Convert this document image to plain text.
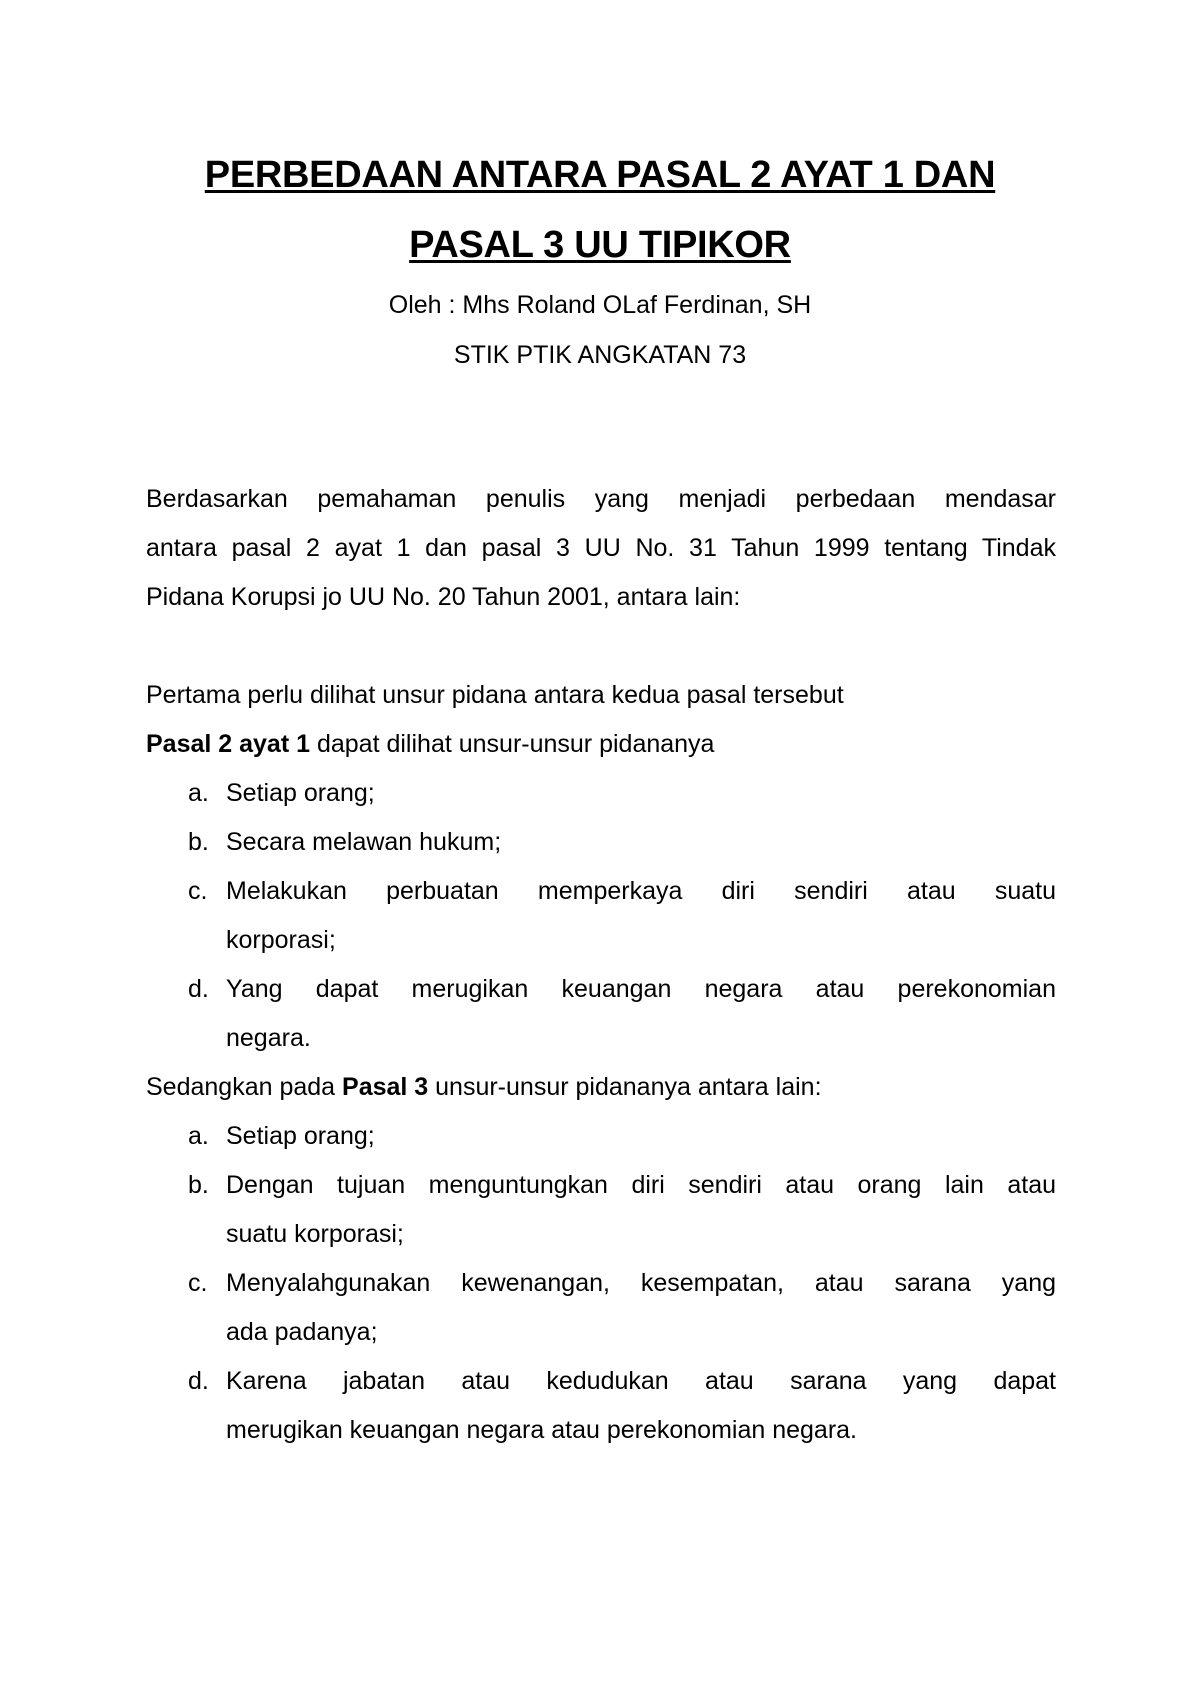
PERBEDAAN ANTARA PASAL 2 AYAT 1 DAN

PASAL 3 UU TIPIKOR

Oleh : Mhs Roland OLaf Ferdinan, SH

STIK PTIK ANGKATAN 73

Berdasarkan pemahaman penulis yang menjadi perbedaan mendasar
antara pasal 2 ayat 1 dan pasal 3 UU No. 31 Tahun 1999 tentang Tindak
Pidana Korupsi jo UU No. 20 Tahun 2001, antara lain:
Pertama perlu dilihat unsur pidana antara kedua pasal tersebut
Pasal 2 ayat 1 dapat dilihat unsur-unsur pidananya
a. Setiap orang;
b. Secara melawan hukum;
c. Melakukan perbuatan memperkaya diri sendiri atau suatu
korporasi;
d. Yang dapat merugikan keuangan negara atau perekonomian
negara.
Sedangkan pada Pasal 3 unsur-unsur pidananya antara lain:
a. Setiap orang;
b. Dengan tujuan menguntungkan diri sendiri atau orang lain atau
suatu korporasi;
c. Menyalahgunakan kewenangan, kesempatan, atau sarana yang
ada padanya;
d. Karena jabatan atau kedudukan atau sarana yang dapat
merugikan keuangan negara atau perekonomian negara.
